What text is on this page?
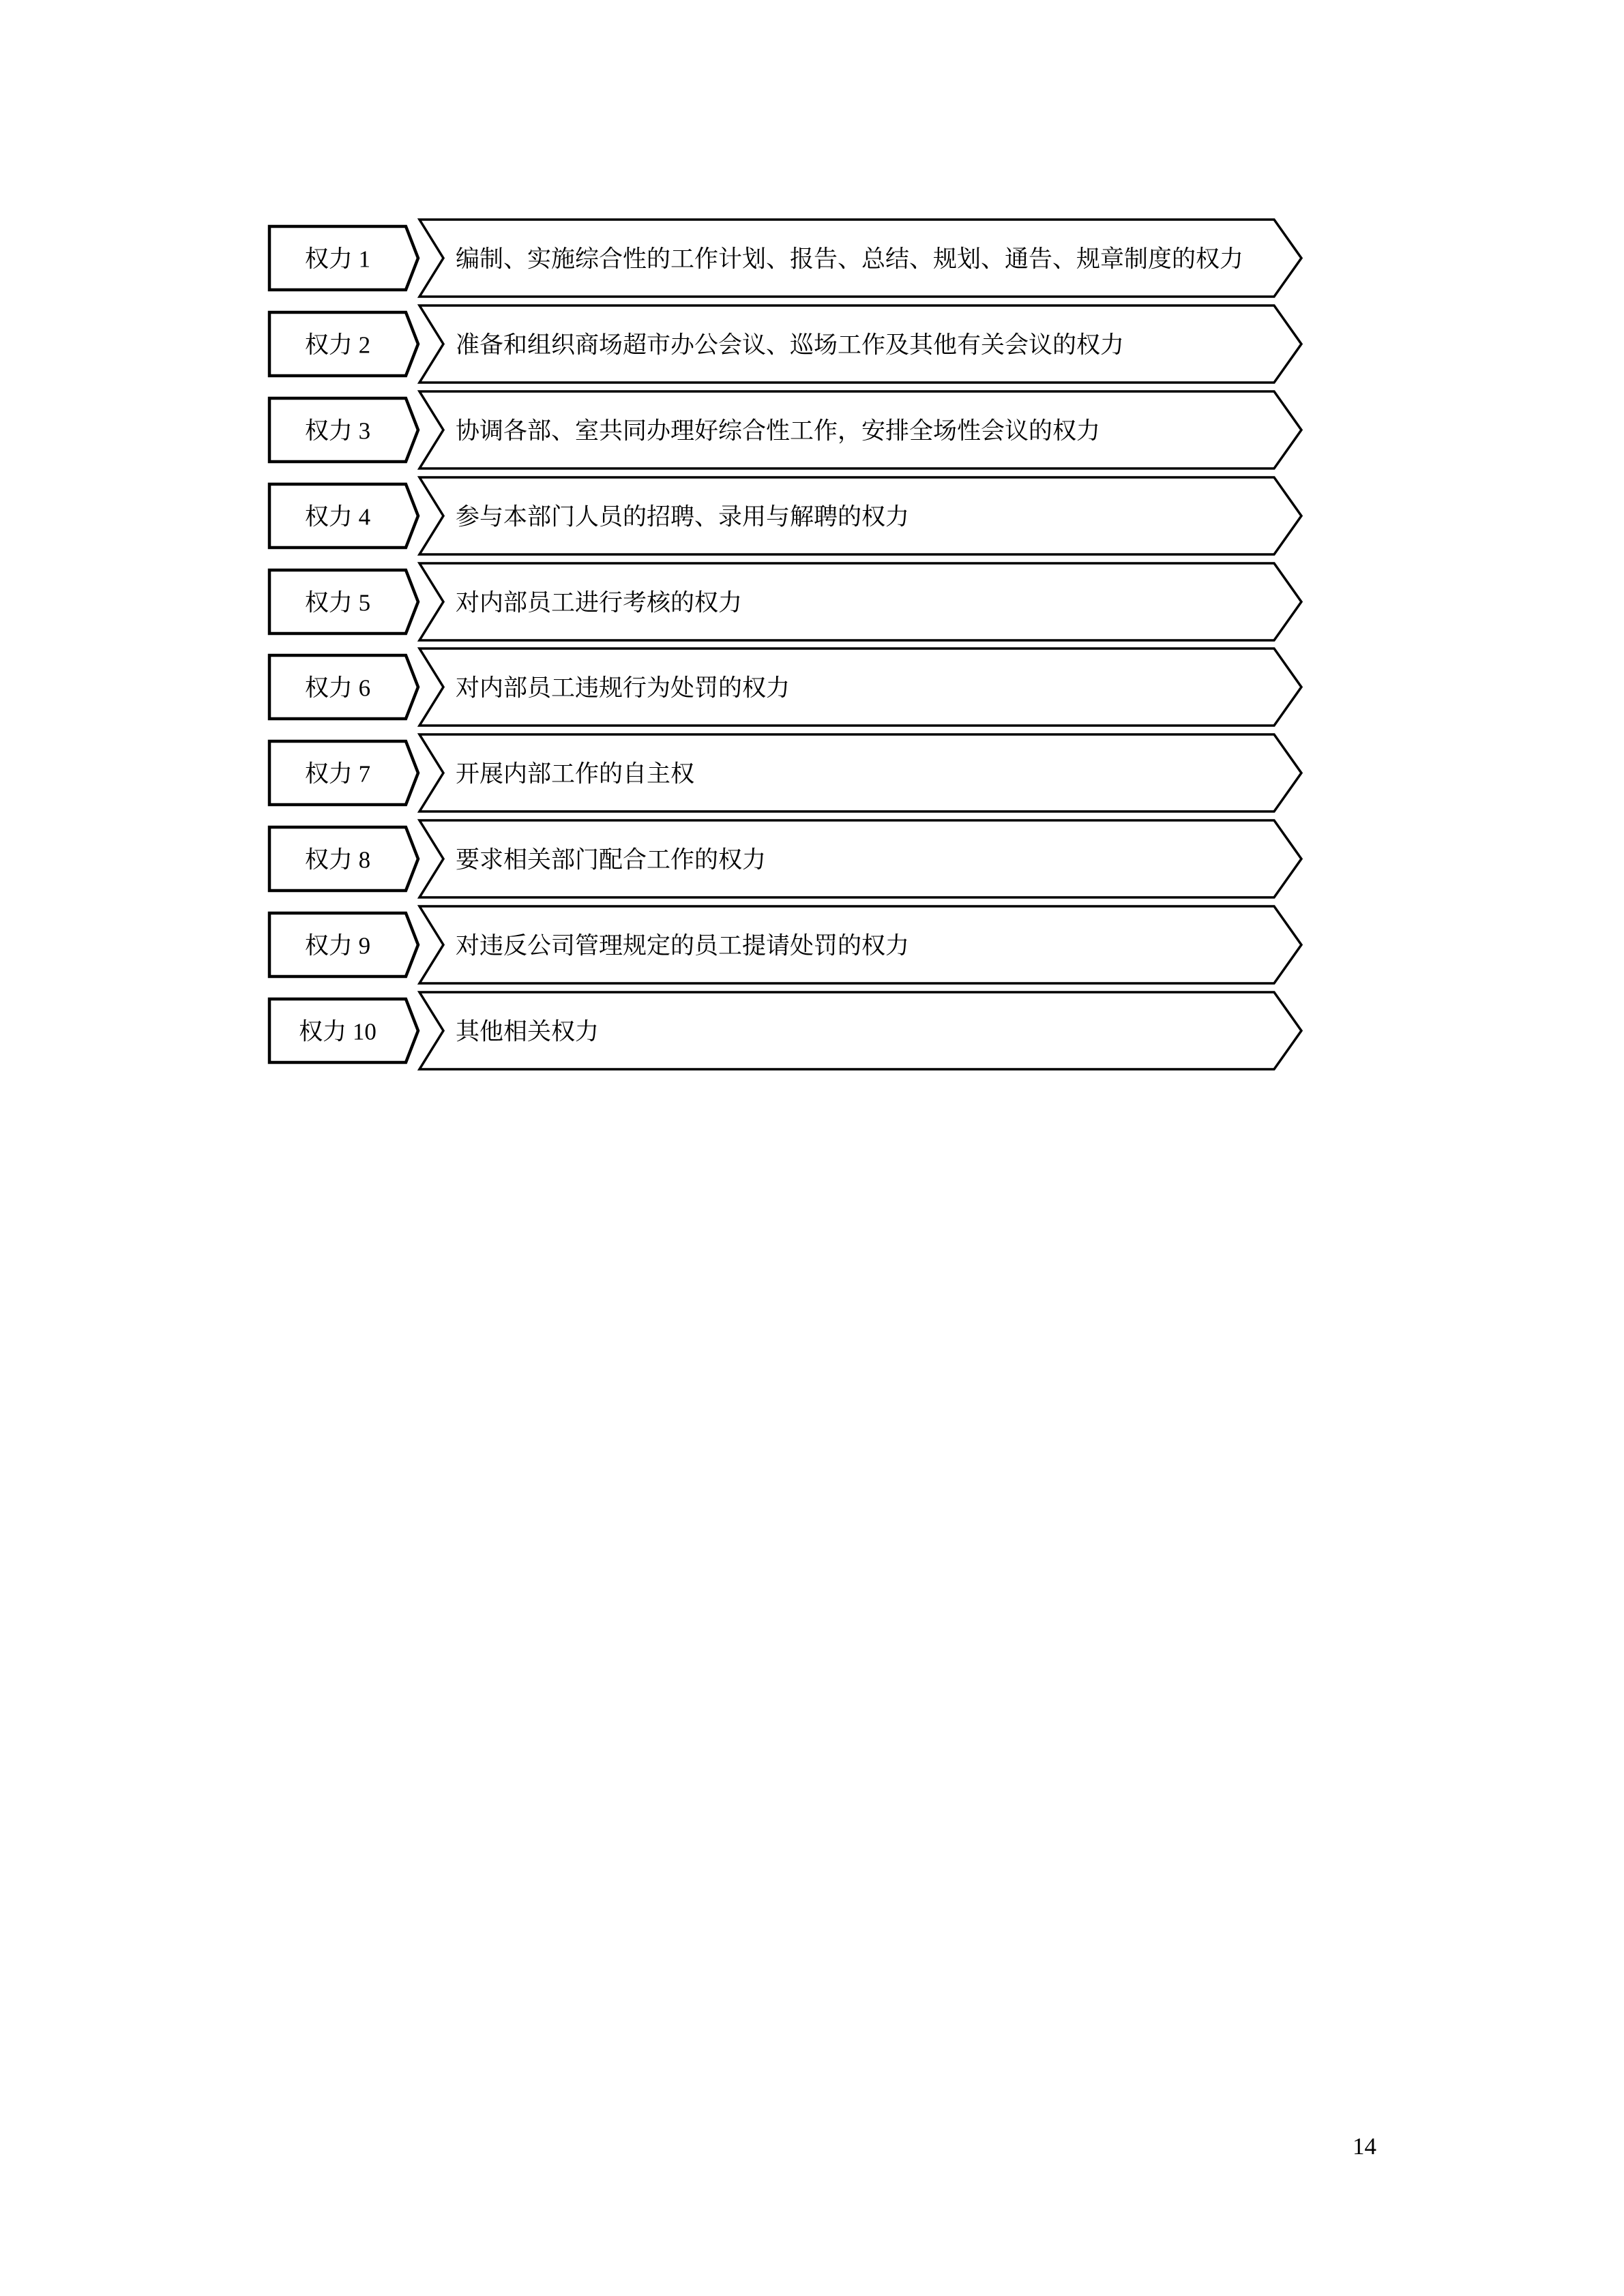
权力 1	编制、实施综合性的工作计划、报告、总结、规划、通告、规章制度的权力
权力 2	准备和组织商场超市办公会议、巡场工作及其他有关会议的权力
权力 3	协调各部、室共同办理好综合性工作，安排全场性会议的权力
权力 4	参与本部门人员的招聘、录用与解聘的权力
权力 5	对内部员工进行考核的权力
权力 6	对内部员工违规行为处罚的权力
权力 7	开展内部工作的自主权
权力 8	要求相关部门配合工作的权力
权力 9	对违反公司管理规定的员工提请处罚的权力
权力 10	其他相关权力
14
